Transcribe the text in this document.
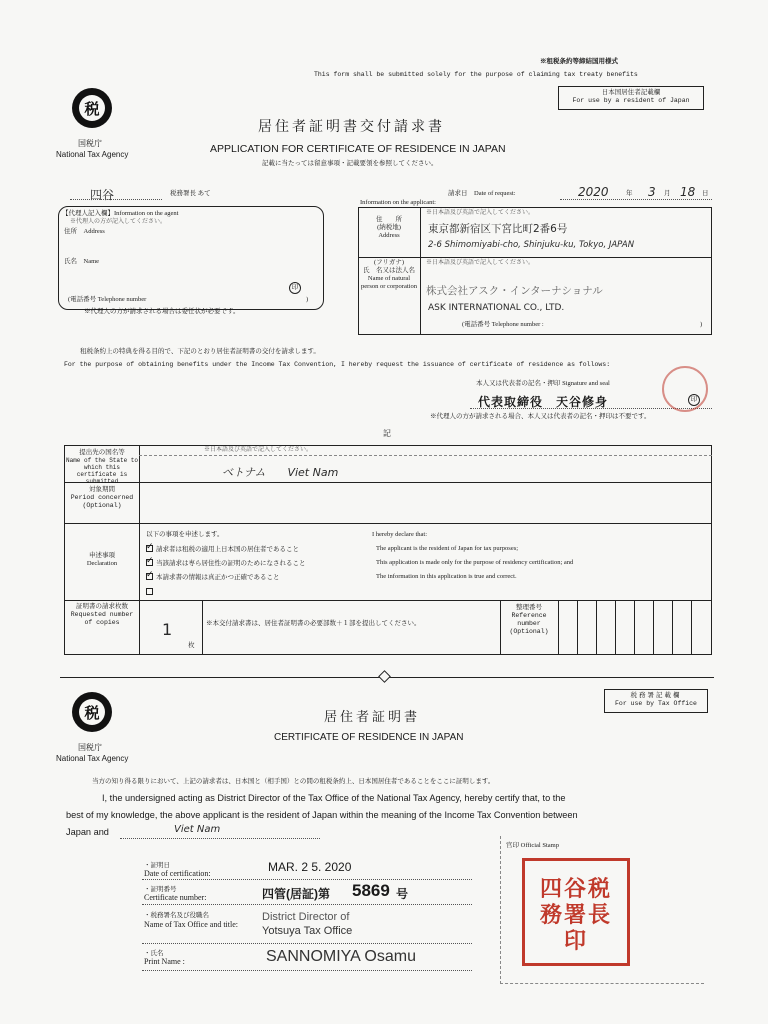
※租税条約等締結国用様式
This form shall be submitted solely for the purpose of claiming tax treaty benefits
日本国居住者記載欄
For use by a resident of Japan
税
国税庁
National Tax Agency
居住者証明書交付請求書
APPLICATION FOR CERTIFICATE OF RESIDENCE IN JAPAN
記載に当たっては留意事項・記載要領を参照してください。
四谷	税務署長 あて	請求日　Date of request:	2020	年 3 月 18 日
【代理人記入欄】Information on the agent
※代理人の方が記入してください。
住所　Address
氏名　Name
印
(電話番号 Telephone number	)
※代理人の方が請求される場合は委任状が必要です。
Information on the applicant:
住　　所
(納税地)
Address
※日本語及び英語で記入してください。
東京都新宿区下宮比町2番6号
2-6 Shimomiyabi-cho, Shinjuku-ku, Tokyo, JAPAN
(フリガナ)
氏　名又は法人名
Name of natural person or corporation
※日本語及び英語で記入してください。
株式会社アスク・インターナショナル
ASK INTERNATIONAL CO., LTD.
(電話番号 Telephone number :	)
租税条約上の特典を得る目的で、下記のとおり居住者証明書の交付を請求します。
For the purpose of obtaining benefits under the Income Tax Convention, I hereby request the issuance of certificate of residence as follows:
本人又は代表者の記名・押印 Signature and seal
代表取締役　天谷修身	印
※代理人の方が請求される場合、本人又は代表者の記名・押印は不要です。
記
提出先の国名等
Name of the State to which this certificate is submitted
※日本語及び英語で記入してください。
ベトナム　　Viet Nam
対象期間
Period concerned (Optional)
申述事項
Declaration
以下の事項を申述します。	I hereby declare that:
✓請求者は租税の適用上日本国の居住者であること	The applicant is the resident of Japan for tax purposes;
✓当該請求は専ら居住性の証明のためになされること	This application is made only for the purpose of residency certification; and
✓本請求書の情報は真正かつ正確であること	The information in this application is true and correct.
証明書の請求枚数
Requested number of copies	1
枚
※本交付請求書は、居住者証明書の必要部数＋１部を提出してください。
整理番号
Reference number (Optional)
税務署記載欄
For use by Tax Office
税
国税庁
National Tax Agency
居住者証明書
CERTIFICATE OF RESIDENCE IN JAPAN
当方の知り得る限りにおいて、上記の請求者は、日本国と（相手国）との間の租税条約上、日本国居住者であることをここに証明します。
I, the undersigned acting as District Director of the Tax Office of the National Tax Agency, hereby certify that, to the
best of my knowledge, the above applicant is the resident of Japan within the meaning of the Income Tax Convention between
Japan and	Viet Nam
・証明日
Date of certification:	MAR. 2 5. 2020
・証明番号
Certificate number:	四管(居証)第 5869 号
・税務署名及び役職名
Name of Tax Office and title:
District Director of
Yotsuya Tax Office
・氏名
Print Name :	SANNOMIYA Osamu
官印 Official Stamp
四谷税務署長印
